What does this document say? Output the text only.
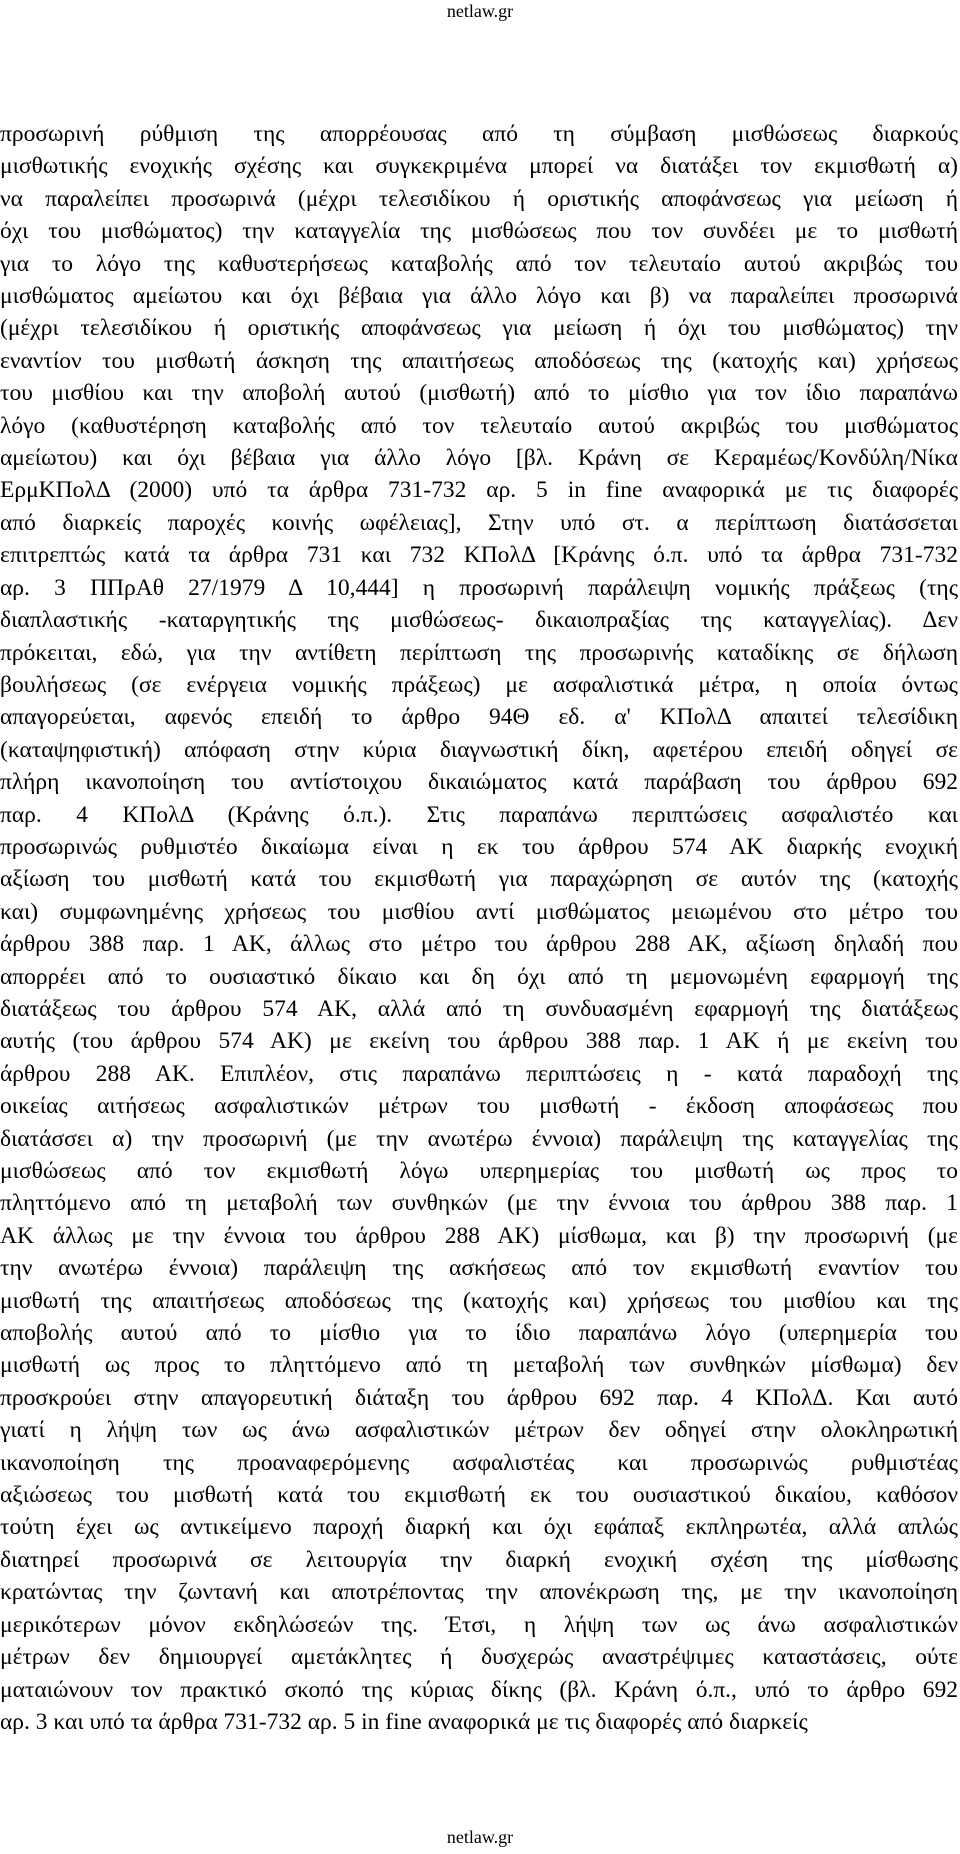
netlaw.gr
προσωρινή ρύθμιση της απορρέουσας από τη σύμβαση μισθώσεως διαρκούς
μισθωτικής ενοχικής σχέσης και συγκεκριμένα μπορεί να διατάξει τον εκμισθωτή α)
να παραλείπει προσωρινά (μέχρι τελεσιδίκου ή οριστικής αποφάνσεως για μείωση ή
όχι του μισθώματος) την καταγγελία της μισθώσεως που τον συνδέει με το μισθωτή
για το λόγο της καθυστερήσεως καταβολής από τον τελευταίο αυτού ακριβώς του
μισθώματος αμείωτου και όχι βέβαια για άλλο λόγο και β) να παραλείπει προσωρινά
(μέχρι τελεσιδίκου ή οριστικής αποφάνσεως για μείωση ή όχι του μισθώματος) την
εναντίον του μισθωτή άσκηση της απαιτήσεως αποδόσεως της (κατοχής και) χρήσεως
του μισθίου και την αποβολή αυτού (μισθωτή) από το μίσθιο για τον ίδιο παραπάνω
λόγο (καθυστέρηση καταβολής από τον τελευταίο αυτού ακριβώς του μισθώματος
αμείωτου) και όχι βέβαια για άλλο λόγο [βλ. Κράνη σε Κεραμέως/Κονδύλη/Νίκα
ΕρμΚΠολΔ (2000) υπό τα άρθρα 731-732 αρ. 5 in fine αναφορικά με τις διαφορές
από διαρκείς παροχές κοινής ωφέλειας], Στην υπό στ. α περίπτωση διατάσσεται
επιτρεπτώς κατά τα άρθρα 731 και 732 ΚΠολΔ [Κράνης ό.π. υπό τα άρθρα 731-732
αρ. 3 ΠΠρΑθ 27/1979 Δ 10,444] η προσωρινή παράλειψη νομικής πράξεως (της
διαπλαστικής -καταργητικής της μισθώσεως- δικαιοπραξίας της καταγγελίας). Δεν
πρόκειται, εδώ, για την αντίθετη περίπτωση της προσωρινής καταδίκης σε δήλωση
βουλήσεως (σε ενέργεια νομικής πράξεως) με ασφαλιστικά μέτρα, η οποία όντως
απαγορεύεται, αφενός επειδή το άρθρο 94Θ εδ. α' ΚΠολΔ απαιτεί τελεσίδικη
(καταψηφιστική) απόφαση στην κύρια διαγνωστική δίκη, αφετέρου επειδή οδηγεί σε
πλήρη ικανοποίηση του αντίστοιχου δικαιώματος κατά παράβαση του άρθρου 692
παρ. 4 ΚΠολΔ (Κράνης ό.π.). Στις παραπάνω περιπτώσεις ασφαλιστέο και
προσωρινώς ρυθμιστέο δικαίωμα είναι η εκ του άρθρου 574 ΑΚ διαρκής ενοχική
αξίωση του μισθωτή κατά του εκμισθωτή για παραχώρηση σε αυτόν της (κατοχής
και) συμφωνημένης χρήσεως του μισθίου αντί μισθώματος μειωμένου στο μέτρο του
άρθρου 388 παρ. 1 ΑΚ, άλλως στο μέτρο του άρθρου 288 ΑΚ, αξίωση δηλαδή που
απορρέει από το ουσιαστικό δίκαιο και δη όχι από τη μεμονωμένη εφαρμογή της
διατάξεως του άρθρου 574 ΑΚ, αλλά από τη συνδυασμένη εφαρμογή της διατάξεως
αυτής (του άρθρου 574 ΑΚ) με εκείνη του άρθρου 388 παρ. 1 ΑΚ ή με εκείνη του
άρθρου 288 ΑΚ. Επιπλέον, στις παραπάνω περιπτώσεις η - κατά παραδοχή της
οικείας αιτήσεως ασφαλιστικών μέτρων του μισθωτή - έκδοση αποφάσεως που
διατάσσει α) την προσωρινή (με την ανωτέρω έννοια) παράλειψη της καταγγελίας της
μισθώσεως από τον εκμισθωτή λόγω υπερημερίας του μισθωτή ως προς το
πληττόμενο από τη μεταβολή των συνθηκών (με την έννοια του άρθρου 388 παρ. 1
ΑΚ άλλως με την έννοια του άρθρου 288 ΑΚ) μίσθωμα, και β) την προσωρινή (με
την ανωτέρω έννοια) παράλειψη της ασκήσεως από τον εκμισθωτή εναντίον του
μισθωτή της απαιτήσεως αποδόσεως της (κατοχής και) χρήσεως του μισθίου και της
αποβολής αυτού από το μίσθιο για το ίδιο παραπάνω λόγο (υπερημερία του
μισθωτή ως προς το πληττόμενο από τη μεταβολή των συνθηκών μίσθωμα) δεν
προσκρούει στην απαγορευτική διάταξη του άρθρου 692 παρ. 4 ΚΠολΔ. Και αυτό
γιατί η λήψη των ως άνω ασφαλιστικών μέτρων δεν οδηγεί στην ολοκληρωτική
ικανοποίηση της προαναφερόμενης ασφαλιστέας και προσωρινώς ρυθμιστέας
αξιώσεως του μισθωτή κατά του εκμισθωτή εκ του ουσιαστικού δικαίου, καθόσον
τούτη έχει ως αντικείμενο παροχή διαρκή και όχι εφάπαξ εκπληρωτέα, αλλά απλώς
διατηρεί προσωρινά σε λειτουργία την διαρκή ενοχική σχέση της μίσθωσης
κρατώντας την ζωντανή και αποτρέποντας την απονέκρωση της, με την ικανοποίηση
μερικότερων μόνον εκδηλώσεών της. Έτσι, η λήψη των ως άνω ασφαλιστικών
μέτρων δεν δημιουργεί αμετάκλητες ή δυσχερώς αναστρέψιμες καταστάσεις, ούτε
ματαιώνουν τον πρακτικό σκοπό της κύριας δίκης (βλ. Κράνη ό.π., υπό το άρθρο 692
αρ. 3 και υπό τα άρθρα 731-732 αρ. 5 in fine αναφορικά με τις διαφορές από διαρκείς
netlaw.gr
